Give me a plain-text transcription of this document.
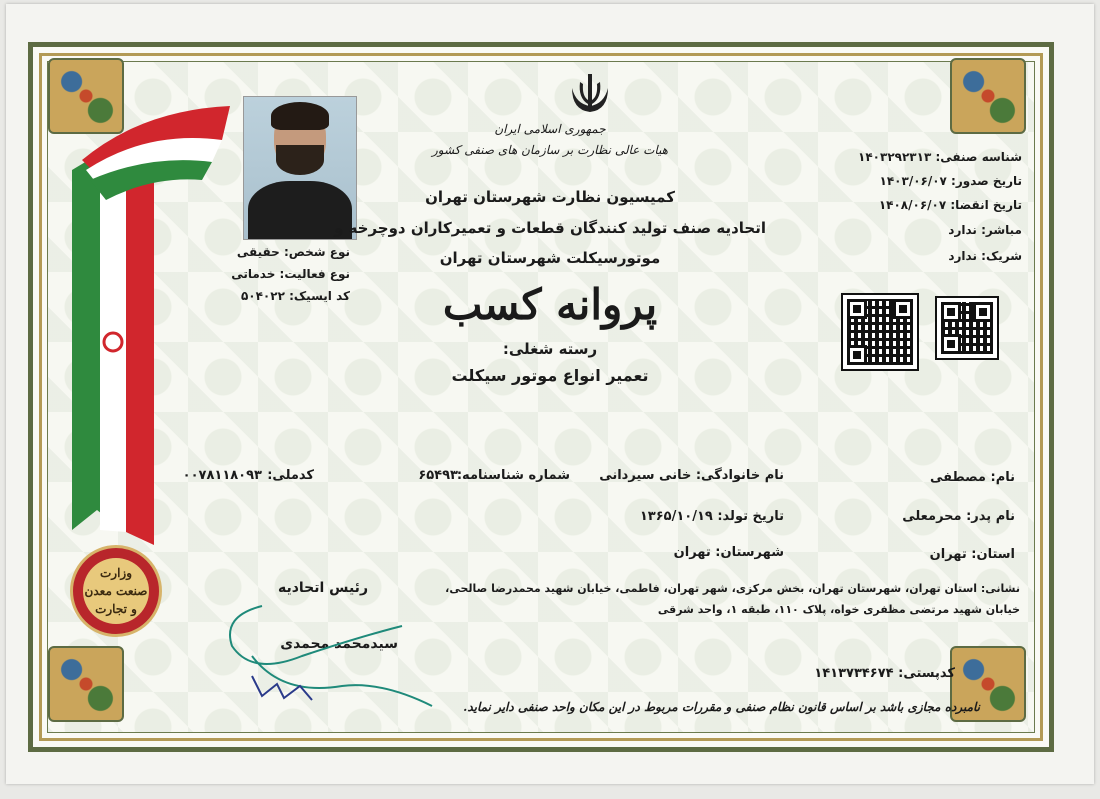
وزارت
صنعت معدن
و تجارت
جمهوری اسلامی ایران
هیات عالی نظارت بر سازمان های صنفی کشور
کمیسیون نظارت شهرستان تهران
اتحادیه صنف تولید کنندگان قطعات و تعمیرکاران دوچرخه و
موتورسیکلت شهرستان تهران
پروانه کسب
رسته شغلی:
تعمیر انواع موتور سیکلت
نوع شخص: حقیقی
نوع فعالیت: خدماتی
کد ایسیک: ۵۰۴۰۲۲
شناسه صنفی: ۱۴۰۳۲۹۲۳۱۳
تاریخ صدور: ۱۴۰۳/۰۶/۰۷
تاریخ انقضا: ۱۴۰۸/۰۶/۰۷
مباشر: ندارد
شریک: ندارد
نام: مصطفی
نام خانوادگی: خانی سیردانی
شماره شناسنامه:
۶۵۴۹۳
کدملی:
۰۰۷۸۱۱۸۰۹۳
نام پدر: محرمعلی
تاریخ تولد: ۱۳۶۵/۱۰/۱۹
استان: تهران
شهرستان: تهران
نشانی: استان تهران، شهرستان تهران، بخش مرکزی، شهر تهران، فاطمی، خیابان شهید محمدرضا صالحی،
خیابان شهید مرتضی مظفری خواه، پلاک ۱۱۰، طبقه ۱، واحد شرقی
کدپستی: ۱۴۱۳۷۳۴۶۷۴
رئیس اتحادیه
سیدمحمد محمدی
نامبرده مجازی باشد بر اساس قانون نظام صنفی و مقررات مربوط در این مکان واحد صنفی دایر نماید.
